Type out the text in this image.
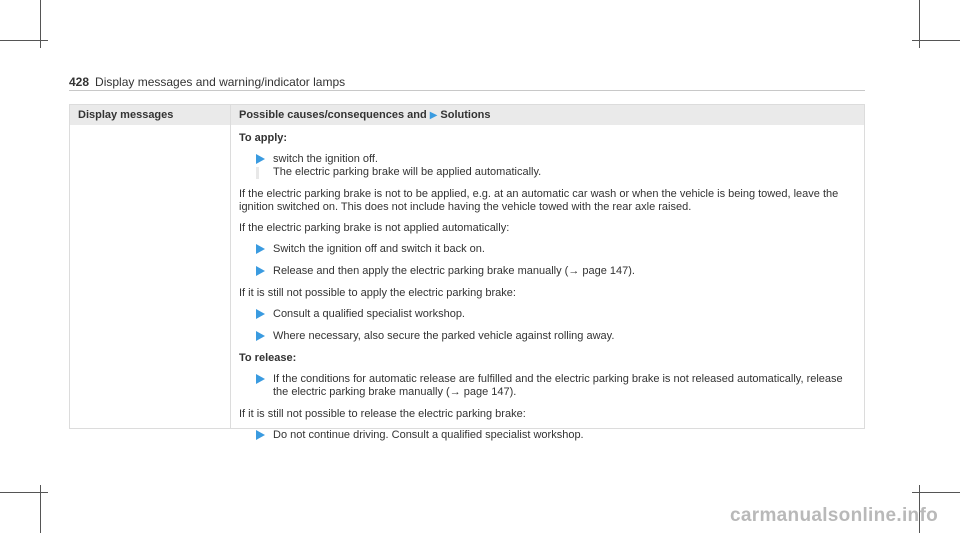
428 Display messages and warning/indicator lamps
Display messages	Possible causes/consequences and ▶ Solutions
To apply:
switch the ignition off.
The electric parking brake will be applied automatically.
If the electric parking brake is not to be applied, e.g. at an automatic car wash or when the vehicle is being towed, leave the ignition switched on. This does not include having the vehicle towed with the rear axle raised.
If the electric parking brake is not applied automatically:
Switch the ignition off and switch it back on.
Release and then apply the electric parking brake manually (→ page 147).
If it is still not possible to apply the electric parking brake:
Consult a qualified specialist workshop.
Where necessary, also secure the parked vehicle against rolling away.
To release:
If the conditions for automatic release are fulfilled and the electric parking brake is not released automatically, release the electric parking brake manually (→ page 147).
If it is still not possible to release the electric parking brake:
Do not continue driving. Consult a qualified specialist workshop.
carmanualsonline.info
